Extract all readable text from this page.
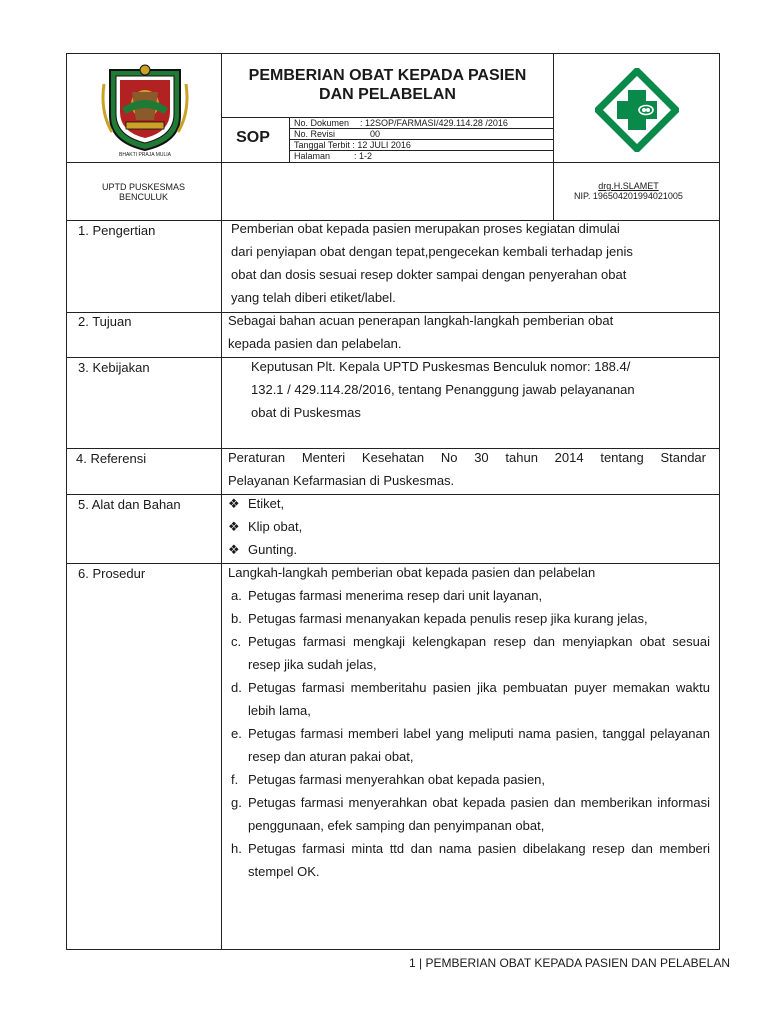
BHAKTI PRAJA MULIA
PEMBERIAN OBAT KEPADA PASIEN
DAN PELABELAN
SOP
No. Dokumen : 12SOP/FARMASI/429.114.28 /2016
No. Revisi	00
Tanggal Terbit : 12 JULI 2016
Halaman	: 1-2
UPTD PUSKESMAS
BENCULUK
drg.H.SLAMET
NIP. 196504201994021005
1. Pengertian	Pemberian obat kepada pasien merupakan proses kegiatan dimulai
dari penyiapan obat dengan tepat,pengecekan kembali terhadap jenis
obat dan dosis sesuai resep dokter sampai dengan penyerahan obat
yang telah diberi etiket/label.
2. Tujuan	Sebagai bahan acuan penerapan langkah-langkah pemberian obat
kepada pasien dan pelabelan.
3. Kebijakan	Keputusan Plt. Kepala UPTD Puskesmas Benculuk nomor: 188.4/
132.1 / 429.114.28/2016, tentang Penanggung jawab pelayananan
obat di Puskesmas
4. Referensi	Peraturan Menteri Kesehatan No 30 tahun 2014 tentang Standar
Pelayanan Kefarmasian di Puskesmas.
5. Alat dan Bahan	❖ Etiket,
❖ Klip obat,
❖ Gunting.
6. Prosedur	Langkah-langkah pemberian obat kepada pasien dan pelabelan
a. Petugas farmasi menerima resep dari unit layanan,
b. Petugas farmasi menanyakan kepada penulis resep jika kurang jelas,
c. Petugas farmasi mengkaji kelengkapan resep dan menyiapkan obat sesuai resep jika sudah jelas,
d. Petugas farmasi memberitahu pasien jika pembuatan puyer memakan waktu lebih lama,
e. Petugas farmasi memberi label yang meliputi nama pasien, tanggal pelayanan resep dan aturan pakai obat,
f. Petugas farmasi menyerahkan obat kepada pasien,
g. Petugas farmasi menyerahkan obat kepada pasien dan memberikan informasi penggunaan, efek samping dan penyimpanan obat,
h. Petugas farmasi minta ttd dan nama pasien dibelakang resep dan memberi stempel OK.
1 | PEMBERIAN OBAT KEPADA PASIEN DAN PELABELAN
